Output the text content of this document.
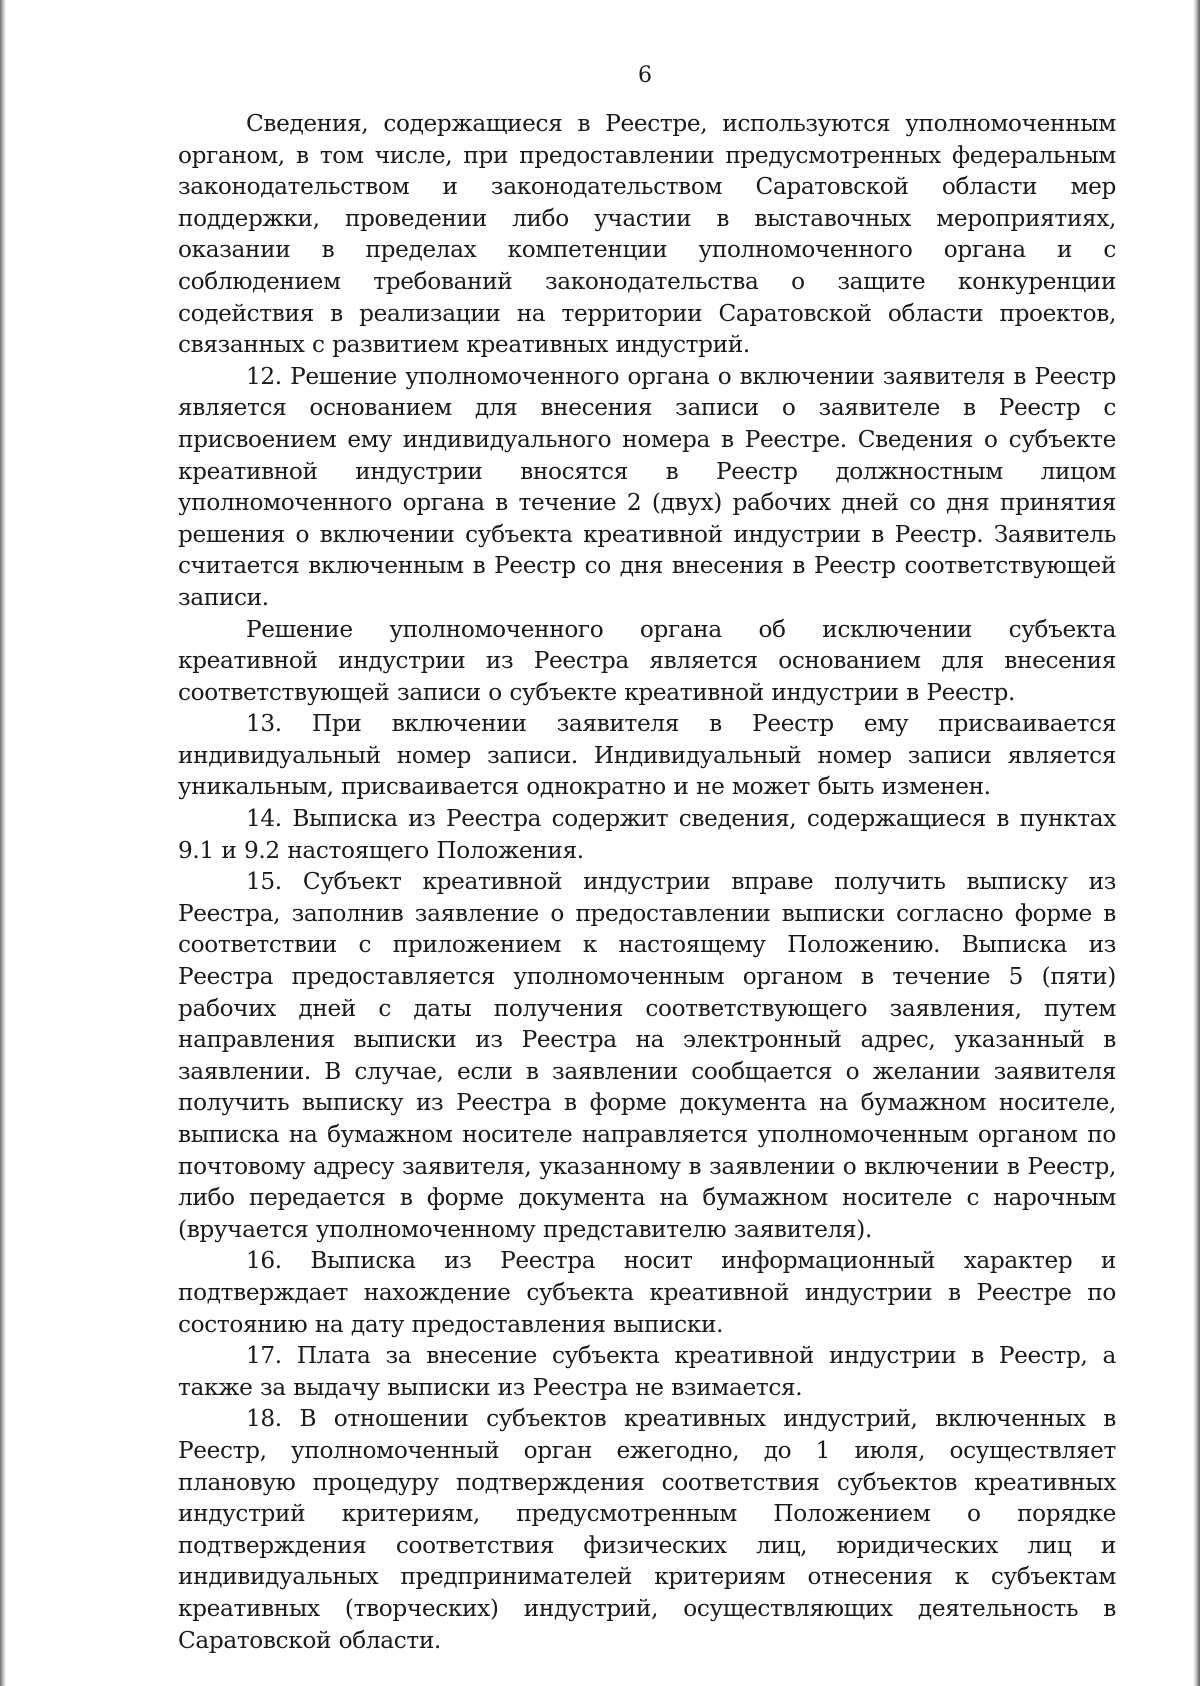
6

Сведения, содержащиеся в Реестре, используются уполномоченным органом, в том числе, при предоставлении предусмотренных федеральным законодательством и законодательством Саратовской области мер поддержки, проведении либо участии в выставочных мероприятиях, оказании в пределах компетенции уполномоченного органа и с соблюдением требований законодательства о защите конкуренции содействия в реализации на территории Саратовской области проектов, связанных с развитием креативных индустрий.

12. Решение уполномоченного органа о включении заявителя в Реестр является основанием для внесения записи о заявителе в Реестр с присвоением ему индивидуального номера в Реестре. Сведения о субъекте креативной индустрии вносятся в Реестр должностным лицом уполномоченного органа в течение 2 (двух) рабочих дней со дня принятия решения о включении субъекта креативной индустрии в Реестр. Заявитель считается включенным в Реестр со дня внесения в Реестр соответствующей записи.

Решение уполномоченного органа об исключении субъекта креативной индустрии из Реестра является основанием для внесения соответствующей записи о субъекте креативной индустрии в Реестр.

13. При включении заявителя в Реестр ему присваивается индивидуальный номер записи. Индивидуальный номер записи является уникальным, присваивается однократно и не может быть изменен.

14. Выписка из Реестра содержит сведения, содержащиеся в пунктах 9.1 и 9.2 настоящего Положения.

15. Субъект креативной индустрии вправе получить выписку из Реестра, заполнив заявление о предоставлении выписки согласно форме в соответствии с приложением к настоящему Положению. Выписка из Реестра предоставляется уполномоченным органом в течение 5 (пяти) рабочих дней с даты получения соответствующего заявления, путем направления выписки из Реестра на электронный адрес, указанный в заявлении. В случае, если в заявлении сообщается о желании заявителя получить выписку из Реестра в форме документа на бумажном носителе, выписка на бумажном носителе направляется уполномоченным органом по почтовому адресу заявителя, указанному в заявлении о включении в Реестр, либо передается в форме документа на бумажном носителе с нарочным (вручается уполномоченному представителю заявителя).

16. Выписка из Реестра носит информационный характер и подтверждает нахождение субъекта креативной индустрии в Реестре по состоянию на дату предоставления выписки.

17. Плата за внесение субъекта креативной индустрии в Реестр, а также за выдачу выписки из Реестра не взимается.

18. В отношении субъектов креативных индустрий, включенных в Реестр, уполномоченный орган ежегодно, до 1 июля, осуществляет плановую процедуру подтверждения соответствия субъектов креативных индустрий критериям, предусмотренным Положением о порядке подтверждения соответствия физических лиц, юридических лиц и индивидуальных предпринимателей критериям отнесения к субъектам креативных (творческих) индустрий, осуществляющих деятельность в Саратовской области.
